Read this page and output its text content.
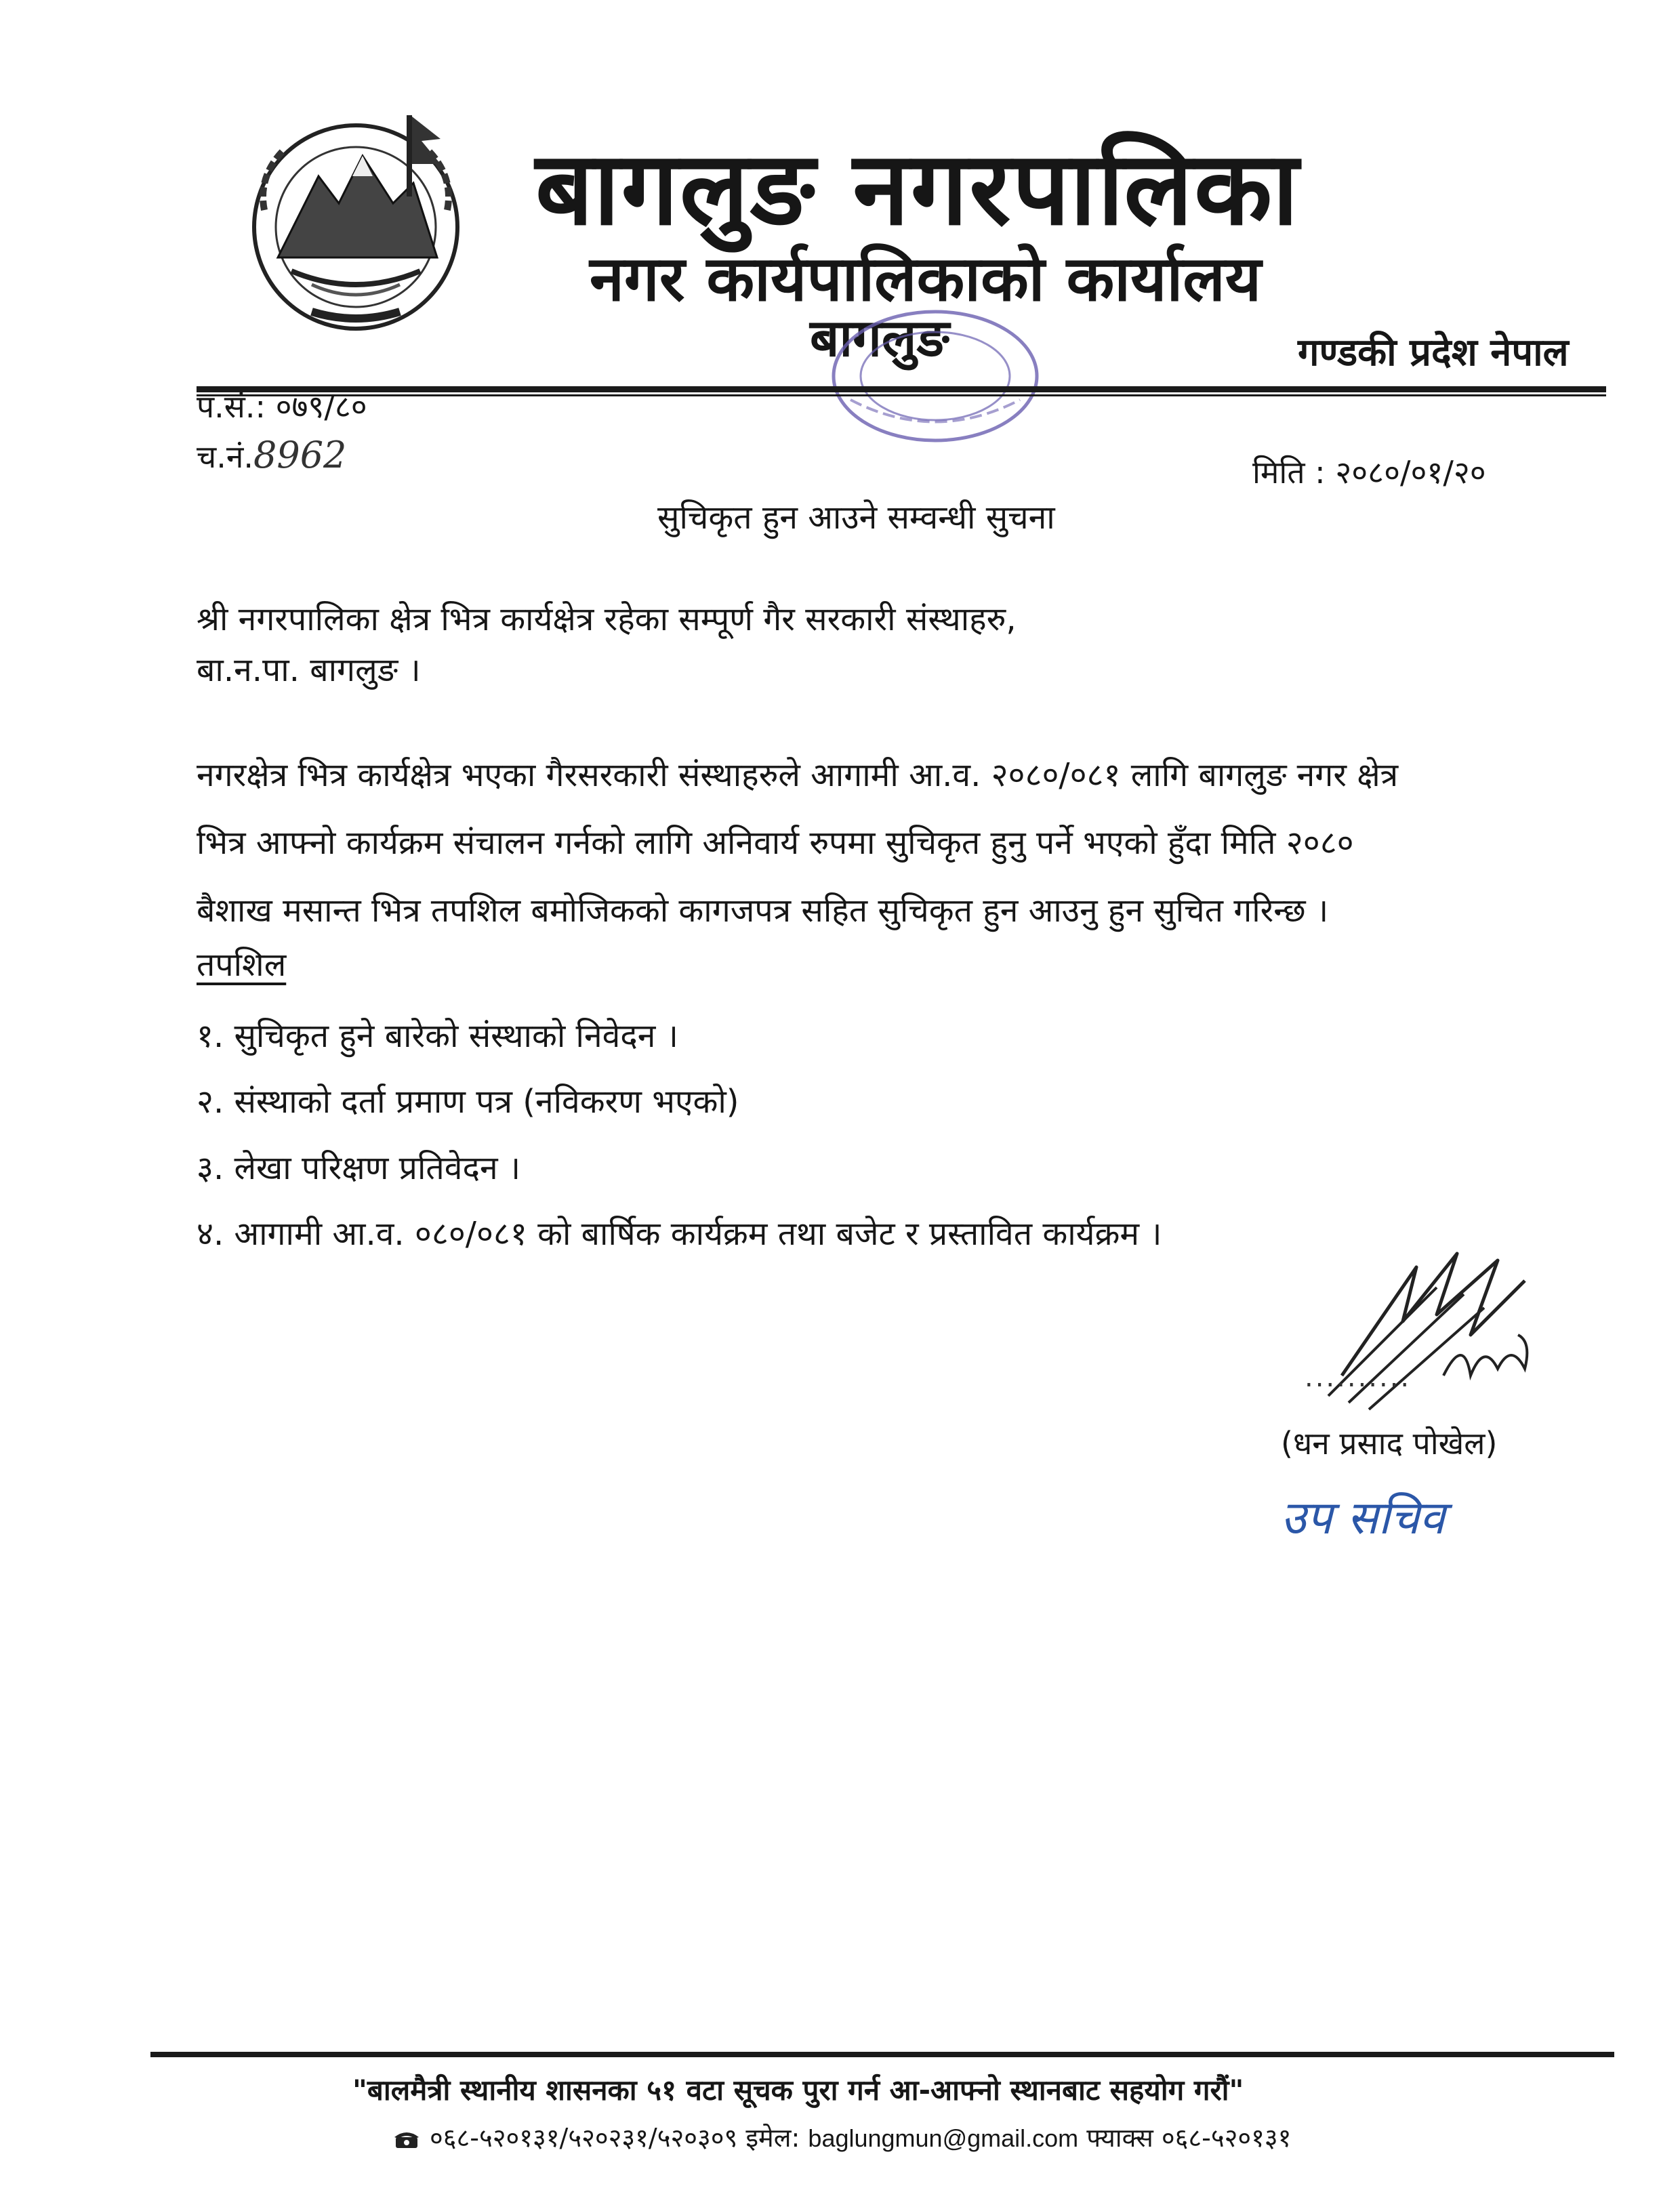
बागलुङ नगरपालिका
नगर कार्यपालिकाको कार्यालय
बागलुङ	गण्डकी प्रदेश नेपाल
प.सं.: ०७९/८०
च.नं.8962	मिति : २०८०/०१/२०
सुचिकृत हुन आउने सम्वन्धी सुचना
श्री नगरपालिका क्षेत्र भित्र कार्यक्षेत्र रहेका सम्पूर्ण गैर सरकारी संस्थाहरु,
बा.न.पा. बागलुङ ।
नगरक्षेत्र भित्र कार्यक्षेत्र भएका गैरसरकारी संस्थाहरुले आगामी आ.व. २०८०/०८१ लागि बागलुङ नगर क्षेत्र
भित्र आफ्नो कार्यक्रम संचालन गर्नको लागि अनिवार्य रुपमा सुचिकृत हुनु पर्ने भएको हुँदा मिति २०८०
बैशाख मसान्त भित्र तपशिल बमोजिकको कागजपत्र सहित सुचिकृत हुन आउनु हुन सुचित गरिन्छ ।
तपशिल
१. सुचिकृत हुने बारेको संस्थाको निवेदन ।
२. संस्थाको दर्ता प्रमाण पत्र (नविकरण भएको)
३. लेखा परिक्षण प्रतिवेदन ।
४. आगामी आ.व. ०८०/०८१ को बार्षिक कार्यक्रम तथा बजेट र प्रस्तावित कार्यक्रम ।
..........
(धन प्रसाद पोखेल)
उप सचिव
"बालमैत्री स्थानीय शासनका ५१ वटा सूचक पुरा गर्न आ-आफ्नो स्थानबाट सहयोग गरौं"
०६८-५२०१३१/५२०२३१/५२०३०९ इमेल: baglungmun@gmail.com फ्याक्स ०६८-५२०१३१
